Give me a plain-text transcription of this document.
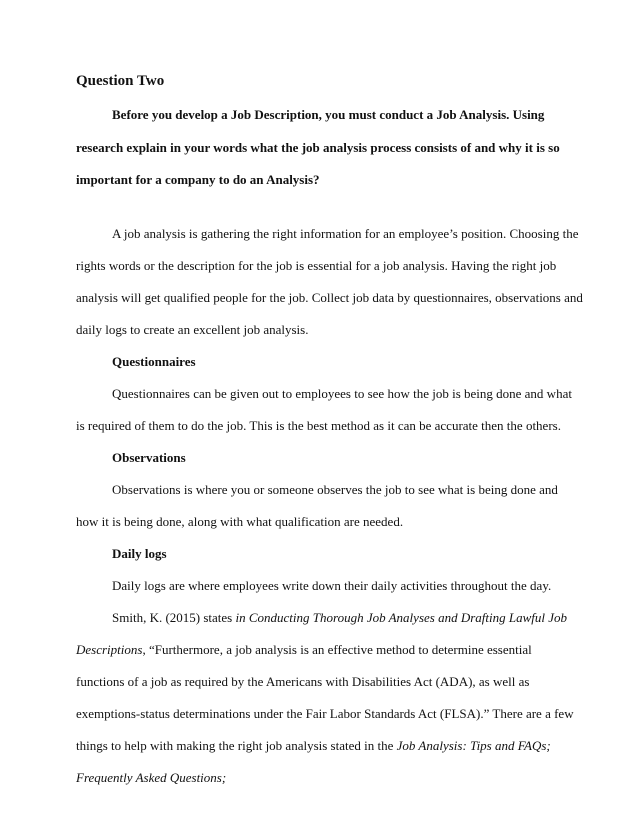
Question Two
Before you develop a Job Description, you must conduct a Job Analysis. Using
research explain in your words what the job analysis process consists of and why it is so
important for a company to do an Analysis?
A job analysis is gathering the right information for an employee’s position. Choosing the
rights words or the description for the job is essential for a job analysis. Having the right job
analysis will get qualified people for the job. Collect job data by questionnaires, observations and
daily logs to create an excellent job analysis.
Questionnaires
Questionnaires can be given out to employees to see how the job is being done and what
is required of them to do the job. This is the best method as it can be accurate then the others.
Observations
Observations is where you or someone observes the job to see what is being done and
how it is being done, along with what qualification are needed.
Daily logs
Daily logs are where employees write down their daily activities throughout the day.
Smith, K. (2015) states in Conducting Thorough Job Analyses and Drafting Lawful Job
Descriptions, “Furthermore, a job analysis is an effective method to determine essential
functions of a job as required by the Americans with Disabilities Act (ADA), as well as
exemptions-status determinations under the Fair Labor Standards Act (FLSA).” There are a few
things to help with making the right job analysis stated in the Job Analysis: Tips and FAQs;
Frequently Asked Questions;
